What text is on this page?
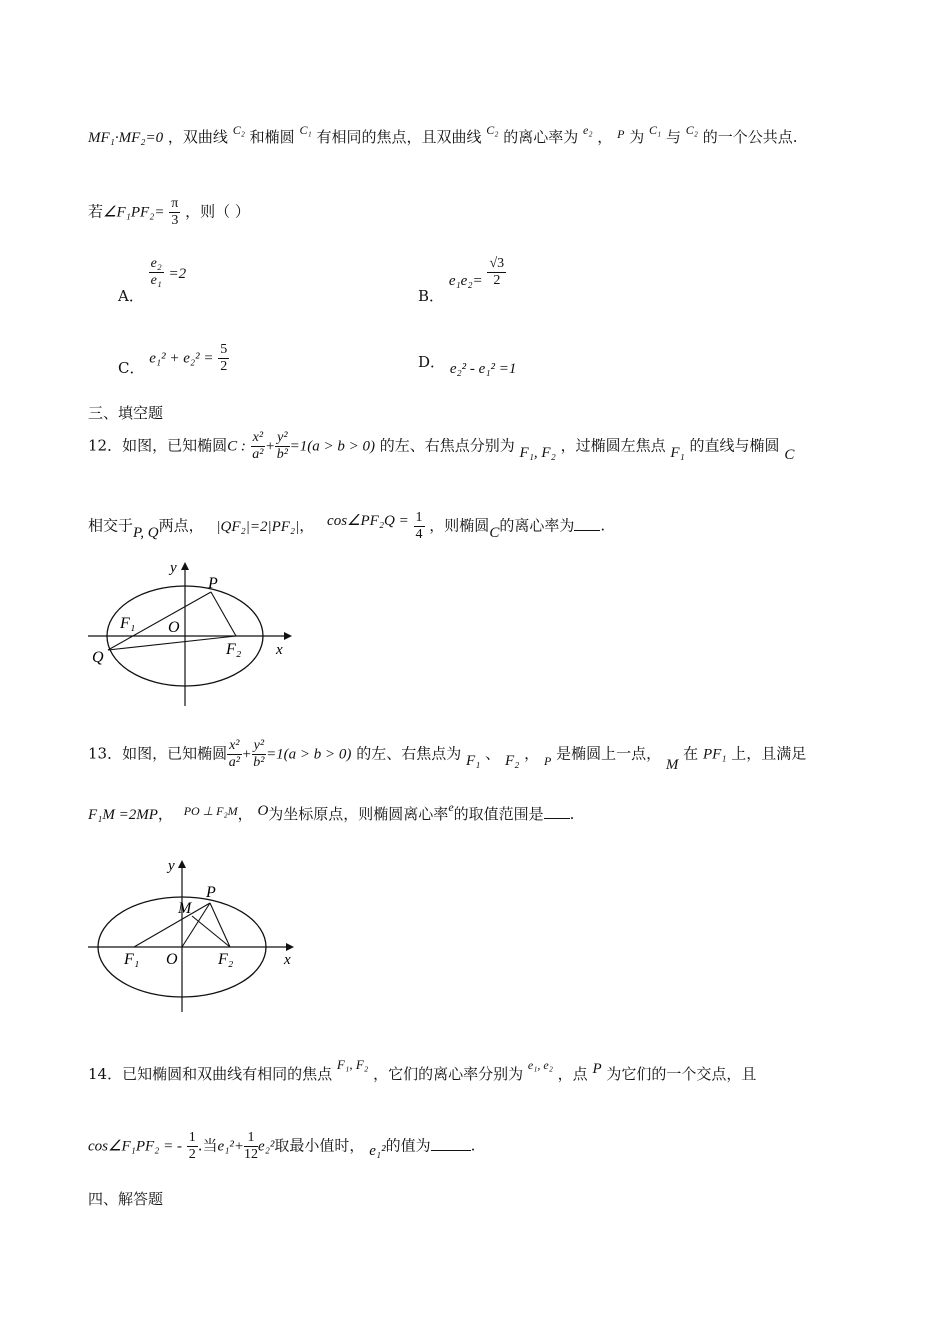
MF₁·MF₂=0 ，双曲线 $^{C_2}$ 和椭圆 $^{C_1}$ 有相同的焦点，且双曲线 $^{C_2}$ 的离心率为 $^{e_2}$ ， $^P$ 为 $^{C_1}$ 与 $^{C_2}$ 的一个公共点.
若∠F₁PF₂= $\frac{\pi}{3}$ ，则（ ）
A．
$\frac{\text{e₂}}{\text{e₁}} =2$
B． $e_1e_2= \frac{√3}{2}$
C． $e_1^2 + e_2^2 = \frac{5}{2}$	D． e₂² - e₁² =1
三、填空题
12．如图，已知椭圆C : $\frac{\text{x²}}{\text{a²}} + \frac{\text{y²}}{\text{b²}} =1(a > b > 0)$ 的左、右焦点分别为 F₁, F₂ ，过椭圆左焦点 F₁ 的直线与椭圆 C
相交于P, Q两点， |QF₂|=2|PF₂|， cos∠PF₂Q = $\frac{1}{4}$ ，则椭圆C的离心率为 .
y
x
P
O
F₁
F₂
Q
13．如图，已知椭圆 $\frac{\text{x²}}{\text{a²}} + \frac{\text{y²}}{\text{b²}} =1(a > b > 0)$ 的左、右焦点为 F₁ 、 F₂ ， $_P$ 是椭圆上一点， M 在 PF₁ 上，且满足
F₁M =2MP， $^{PO \perp F_2M}$， O为坐标原点，则椭圆离心率$^e$的取值范围是 .
y
x
P
M
O
F₁	F₂
14．已知椭圆和双曲线有相同的焦点 F₁, F₂ ，它们的离心率分别为 $^{e_1, e_2}$ ，点 P 为它们的一个交点，且
cos∠F₁PF₂ = - $\frac{1}{2}$ .当$e_1^2+ \frac{1}{12} e_2^2$取最小值时， e₁²的值为	.
四、解答题
